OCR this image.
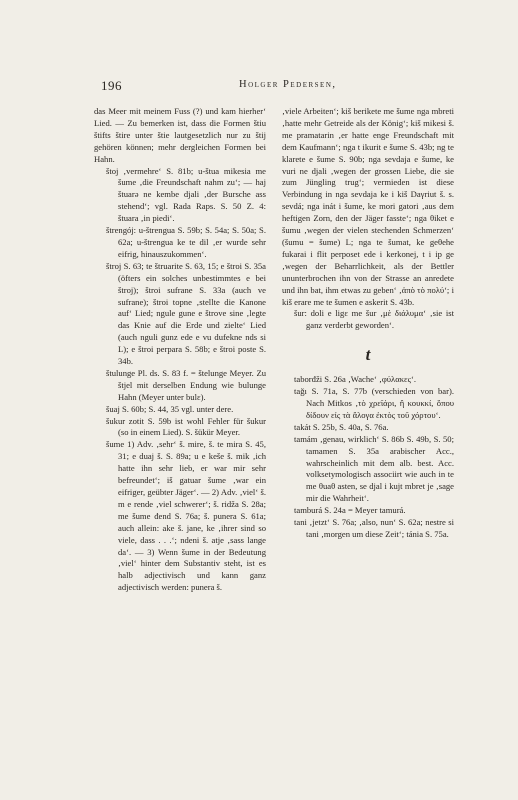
196	Holger Pedersen,

das Meer mit meinem Fuss (?) und kam hierher‘ Lied. — Zu bemerken ist, dass die Formen štiu štifts štire unter štie lautgesetzlich nur zu štij gehören können; mehr dergleichen Formen bei Hahn.

štoj ‚vermehre‘ S. 81b; u-štua mikesia me šume ‚die Freundschaft nahm zu‘; — haj štuarə ne kembe djali ‚der Bursche ass stehend‘; vgl. Rada Raps. S. 50 Z. 4: štuara ‚in piedi‘.

štrengój: u-štrengua S. 59b; S. 54a; S. 50a; S. 62a; u-štrengua ke te dil ‚er wurde sehr eifrig, hinauszukommen‘.

štroj S. 63; te štruarite S. 63, 15; e štroi S. 35a (öfters ein solches unbestimmtes e bei štroj); štroi sufrane S. 33a (auch ve sufrane); štroi topne ‚stellte die Kanone auf‘ Lied; ngule gune e štrove sine ‚legte das Knie auf die Erde und zielte‘ Lied (auch nguli gunz ede e vu dufekne nds si L); e štroi perpara S. 58b; e štroi poste S. 34b.

štulunge Pl. ds. S. 83 f. = štelunge Meyer. Zu štjel mit derselben Endung wie bulunge Hahn (Meyer unter bulε).

šuaj S. 60b; S. 44, 35 vgl. unter dere.

šukur zotit S. 59b ist wohl Fehler für šukur (so in einem Lied). S. šükür Meyer.

šume 1) Adv. ‚sehr‘ š. mire, š. te mira S. 45, 31; e duaj š. S. 89a; u e keše š. mik ‚ich hatte ihn sehr lieb, er war mir sehr befreundet‘; iš gatuar šume ‚war ein eifriger, geübter Jäger‘. — 2) Adv. ‚viel‘ š. m e rende ‚viel schwerer‘; š. ridža S. 28a; me šume đend S. 76a; š. punera S. 61a; auch allein: ake š. jane, ke ‚ihrer sind so viele, dass . . .‘; ndeni š. atje ‚sass lange da‘. — 3) Wenn šume in der Bedeutung ‚viel‘ hinter dem Substantiv steht, ist es halb adjectivisch und kann ganz adjectivisch werden: punera š.

‚viele Arbeiten‘; kiš berikete me šume nga mbreti ‚hatte mehr Getreide als der König‘; kiš mikesi š. me pramatarin ‚er hatte enge Freundschaft mit dem Kaufmann‘; nga t ikurit e šume S. 43b; ng te klarete e šume S. 90b; nga sevdaja e šume, ke vuri ne djali ‚wegen der grossen Liebe, die sie zum Jüngling trug‘; vermieden ist diese Verbindung in nga sevdaja ke i kiš Daγriut š. s. sevdá; nga inát i šume, ke mori gatori ‚aus dem heftigen Zorn, den der Jäger fasste‘; nga θiket e šumu ‚wegen der vielen stechenden Schmerzen‘ (šumu = šume) L; nga te šumat, ke geθehe fukarai i flit perposet ede i kerkonej, t i ip ge ‚wegen der Beharrlichkeit, als der Bettler ununterbrochen ihn von der Strasse an anredete und ihn bat, ihm etwas zu geben‘ ‚ἀπὸ τὸ πολύ‘; i kiš erare me te šumen e askerit S. 43b.

šur: doli e ligε me šur ‚μὲ διάλυμα‘ ‚sie ist ganz verderbt geworden‘.

t

taborđži S. 26a ‚Wache‘ ‚φύλακες‘.

tağı S. 71a, S. 77b (verschieden von bar). Nach Mitkos ‚τὸ χρεῖάρι, ἢ κουκκί, ὅπου δίδουν εἰς τὰ ἄλογα ἐκτὸς τοῦ χόρτου‘.

takát S. 25b, S. 40a, S. 76a.

tamám ‚genau, wirklich‘ S. 86b S. 49b, S. 50; tamamen S. 35a arabischer Acc., wahrscheinlich mit dem alb. best. Acc. volksetymologisch associirt wie auch in te me θuaθ asten, se djal i kujt mbret je ‚sage mir die Wahrheit‘.

tamburá S. 24a = Meyer tamurá.

tani ‚jetzt‘ S. 76a; ‚also, nun‘ S. 62a; nestre si tani ‚morgen um diese Zeit‘; tánia S. 75a.
